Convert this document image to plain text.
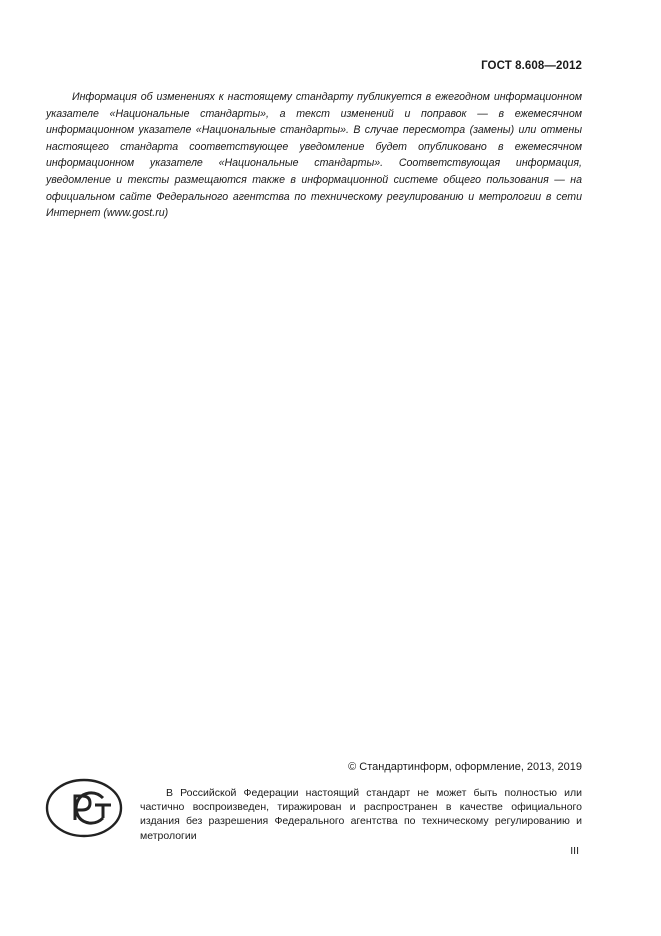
ГОСТ 8.608—2012

Информация об изменениях к настоящему стандарту публикуется в ежегодном информационном указателе «Национальные стандарты», а текст изменений и поправок — в ежемесячном информационном указателе «Национальные стандарты». В случае пересмотра (замены) или отмены настоящего стандарта соответствующее уведомление будет опубликовано в ежемесячном информационном указателе «Национальные стандарты». Соответствующая информация, уведомление и тексты размещаются также в информационной системе общего пользования — на официальном сайте Федерального агентства по техническому регулированию и метрологии в сети Интернет (www.gost.ru)

© Стандартинформ, оформление, 2013, 2019

В Российской Федерации настоящий стандарт не может быть полностью или частично воспроизведен, тиражирован и распространен в качестве официального издания без разрешения Федерального агентства по техническому регулированию и метрологии

III
